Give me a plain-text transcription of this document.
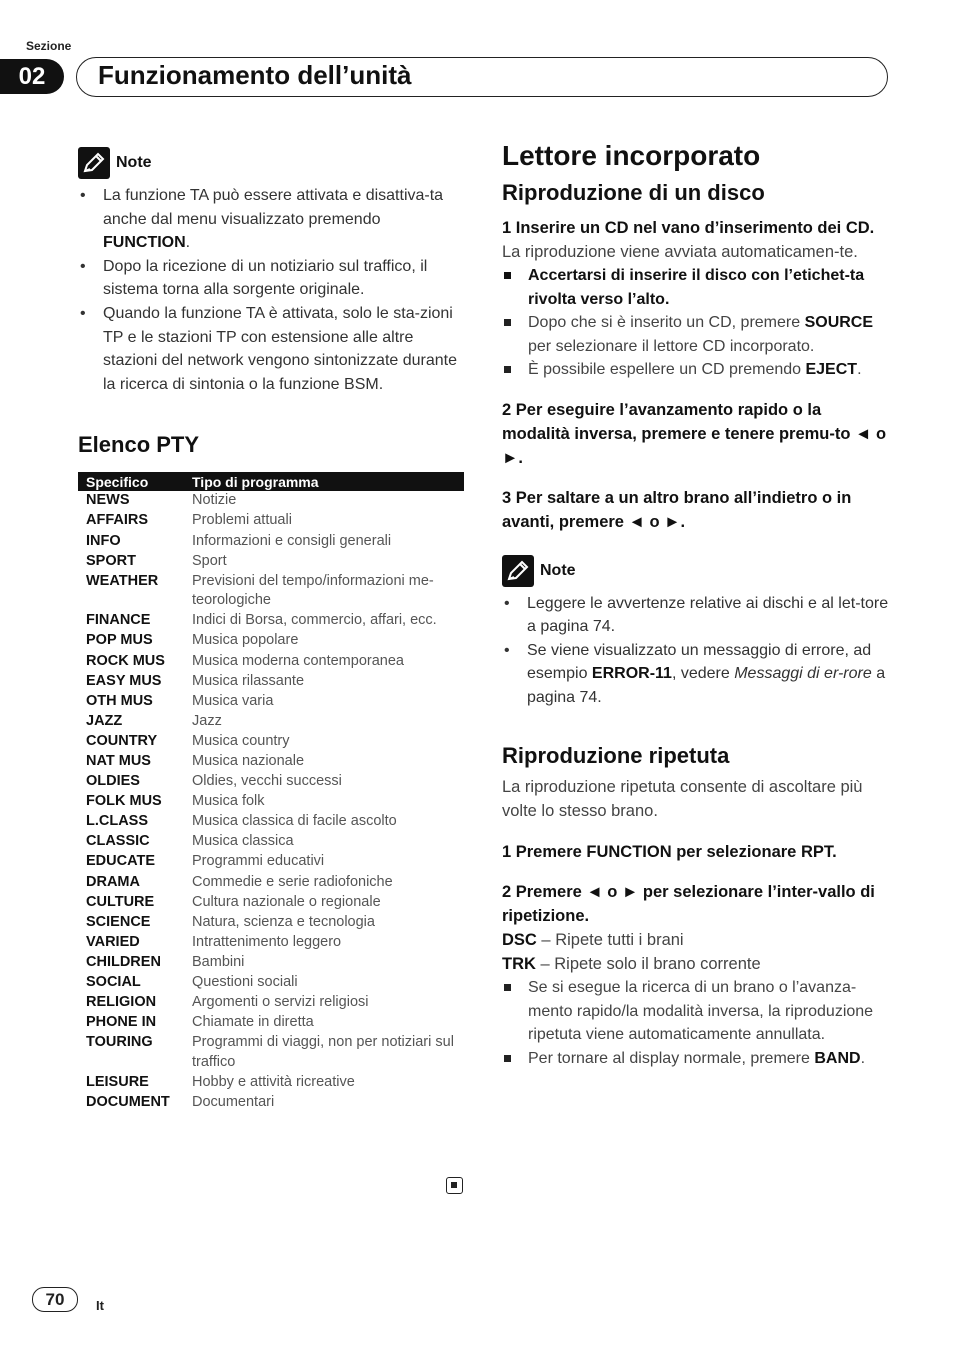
Sezione
02	Funzionamento dell’unità
Note
• La funzione TA può essere attivata e disattiva-ta anche dal menu visualizzato premendo FUNCTION.
• Dopo la ricezione di un notiziario sul traffico, il sistema torna alla sorgente originale.
• Quando la funzione TA è attivata, solo le sta-zioni TP e le stazioni TP con estensione alle altre stazioni del network vengono sintonizzate durante la ricerca di sintonia o la funzione BSM.
Elenco PTY
Specifico	Tipo di programma
NEWS	Notizie
AFFAIRS	Problemi attuali
INFO	Informazioni e consigli generali
SPORT	Sport
WEATHER	Previsioni del tempo/informazioni me-teorologiche
FINANCE	Indici di Borsa, commercio, affari, ecc.
POP MUS	Musica popolare
ROCK MUS	Musica moderna contemporanea
EASY MUS	Musica rilassante
OTH MUS	Musica varia
JAZZ	Jazz
COUNTRY	Musica country
NAT MUS	Musica nazionale
OLDIES	Oldies, vecchi successi
FOLK MUS	Musica folk
L.CLASS	Musica classica di facile ascolto
CLASSIC	Musica classica
EDUCATE	Programmi educativi
DRAMA	Commedie e serie radiofoniche
CULTURE	Cultura nazionale o regionale
SCIENCE	Natura, scienza e tecnologia
VARIED	Intrattenimento leggero
CHILDREN	Bambini
SOCIAL	Questioni sociali
RELIGION	Argomenti o servizi religiosi
PHONE IN	Chiamate in diretta
TOURING	Programmi di viaggi, non per notiziari sul traffico
LEISURE	Hobby e attività ricreative
DOCUMENT	Documentari
Lettore incorporato
Riproduzione di un disco
1 Inserire un CD nel vano d’inserimento dei CD.
La riproduzione viene avviata automaticamen-te.
Accertarsi di inserire il disco con l’etichet-ta rivolta verso l’alto.
Dopo che si è inserito un CD, premere SOURCE per selezionare il lettore CD incorporato.
È possibile espellere un CD premendo EJECT.
2 Per eseguire l’avanzamento rapido o la modalità inversa, premere e tenere premu-to ◄ o ►.
3 Per saltare a un altro brano all’indietro o in avanti, premere ◄ o ►.
Note
• Leggere le avvertenze relative ai dischi e al let-tore a pagina 74.
• Se viene visualizzato un messaggio di errore, ad esempio ERROR-11, vedere Messaggi di er-rore a pagina 74.
Riproduzione ripetuta
La riproduzione ripetuta consente di ascoltare più volte lo stesso brano.
1 Premere FUNCTION per selezionare RPT.
2 Premere ◄ o ► per selezionare l’inter-vallo di ripetizione.
DSC – Ripete tutti i brani
TRK – Ripete solo il brano corrente
Se si esegue la ricerca di un brano o l’avanza-mento rapido/la modalità inversa, la riproduzione ripetuta viene automaticamente annullata.
Per tornare al display normale, premere BAND.
70	It
